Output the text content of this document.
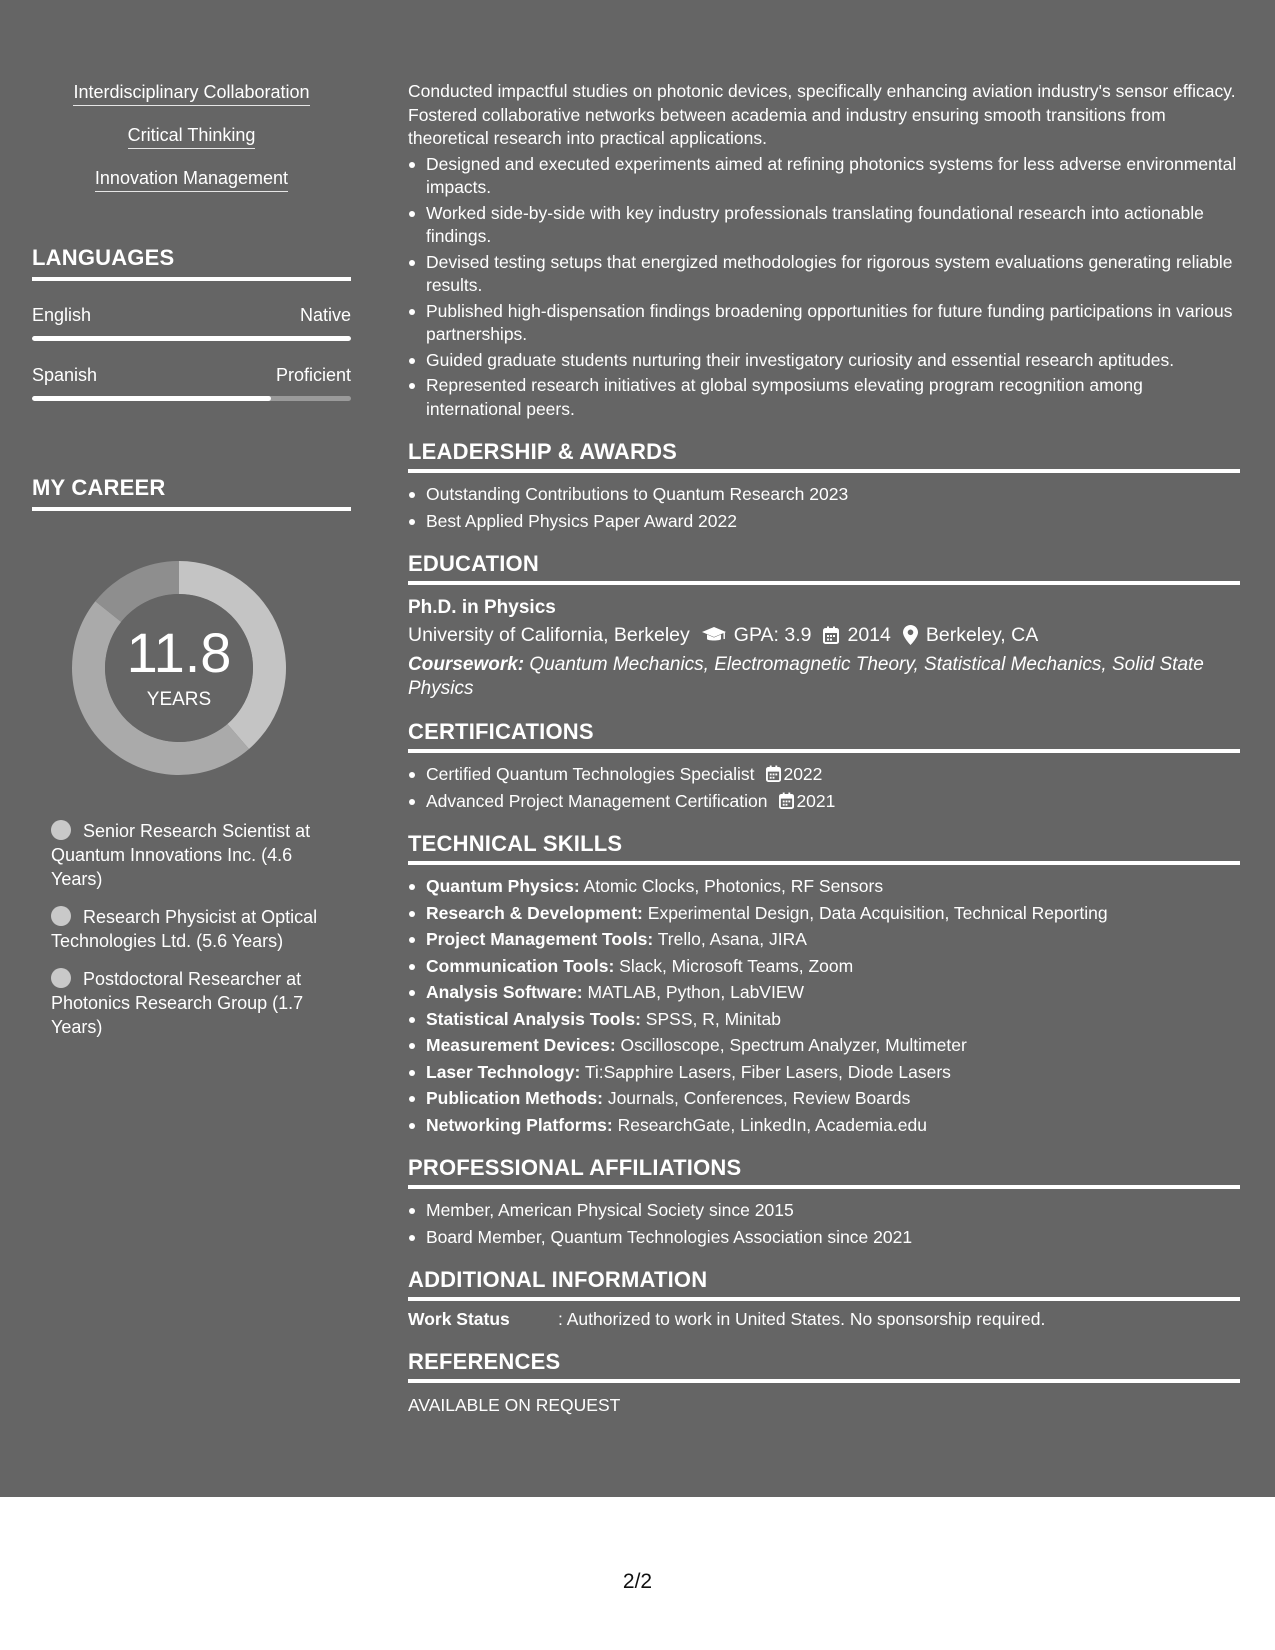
Interdisciplinary Collaboration
Critical Thinking
Innovation Management
LANGUAGES
English	Native
Spanish	Proficient
MY CAREER
11.8
YEARS
Senior Research Scientist at Quantum Innovations Inc. (4.6 Years)
Research Physicist at Optical Technologies Ltd. (5.6 Years)
Postdoctoral Researcher at Photonics Research Group (1.7 Years)

Conducted impactful studies on photonic devices, specifically enhancing aviation industry's sensor efficacy. Fostered collaborative networks between academia and industry ensuring smooth transitions from theoretical research into practical applications.

Designed and executed experiments aimed at refining photonics systems for less adverse environmental impacts.
Worked side-by-side with key industry professionals translating foundational research into actionable findings.
Devised testing setups that energized methodologies for rigorous system evaluations generating reliable results.
Published high-dispensation findings broadening opportunities for future funding participations in various partnerships.
Guided graduate students nurturing their investigatory curiosity and essential research aptitudes.
Represented research initiatives at global symposiums elevating program recognition among international peers.
LEADERSHIP & AWARDS
Outstanding Contributions to Quantum Research 2023
Best Applied Physics Paper Award 2022
EDUCATION
Ph.D. in Physics
University of California, Berkeley GPA: 3.9 2014 Berkeley, CA
Coursework: Quantum Mechanics, Electromagnetic Theory, Statistical Mechanics, Solid State Physics
CERTIFICATIONS
Certified Quantum Technologies Specialist 2022
Advanced Project Management Certification 2021
TECHNICAL SKILLS
Quantum Physics: Atomic Clocks, Photonics, RF Sensors
Research & Development: Experimental Design, Data Acquisition, Technical Reporting
Project Management Tools: Trello, Asana, JIRA
Communication Tools: Slack, Microsoft Teams, Zoom
Analysis Software: MATLAB, Python, LabVIEW
Statistical Analysis Tools: SPSS, R, Minitab
Measurement Devices: Oscilloscope, Spectrum Analyzer, Multimeter
Laser Technology: Ti:Sapphire Lasers, Fiber Lasers, Diode Lasers
Publication Methods: Journals, Conferences, Review Boards
Networking Platforms: ResearchGate, LinkedIn, Academia.edu
PROFESSIONAL AFFILIATIONS
Member, American Physical Society since 2015
Board Member, Quantum Technologies Association since 2021
ADDITIONAL INFORMATION
Work Status	: Authorized to work in United States. No sponsorship required.
REFERENCES
AVAILABLE ON REQUEST
2/2
